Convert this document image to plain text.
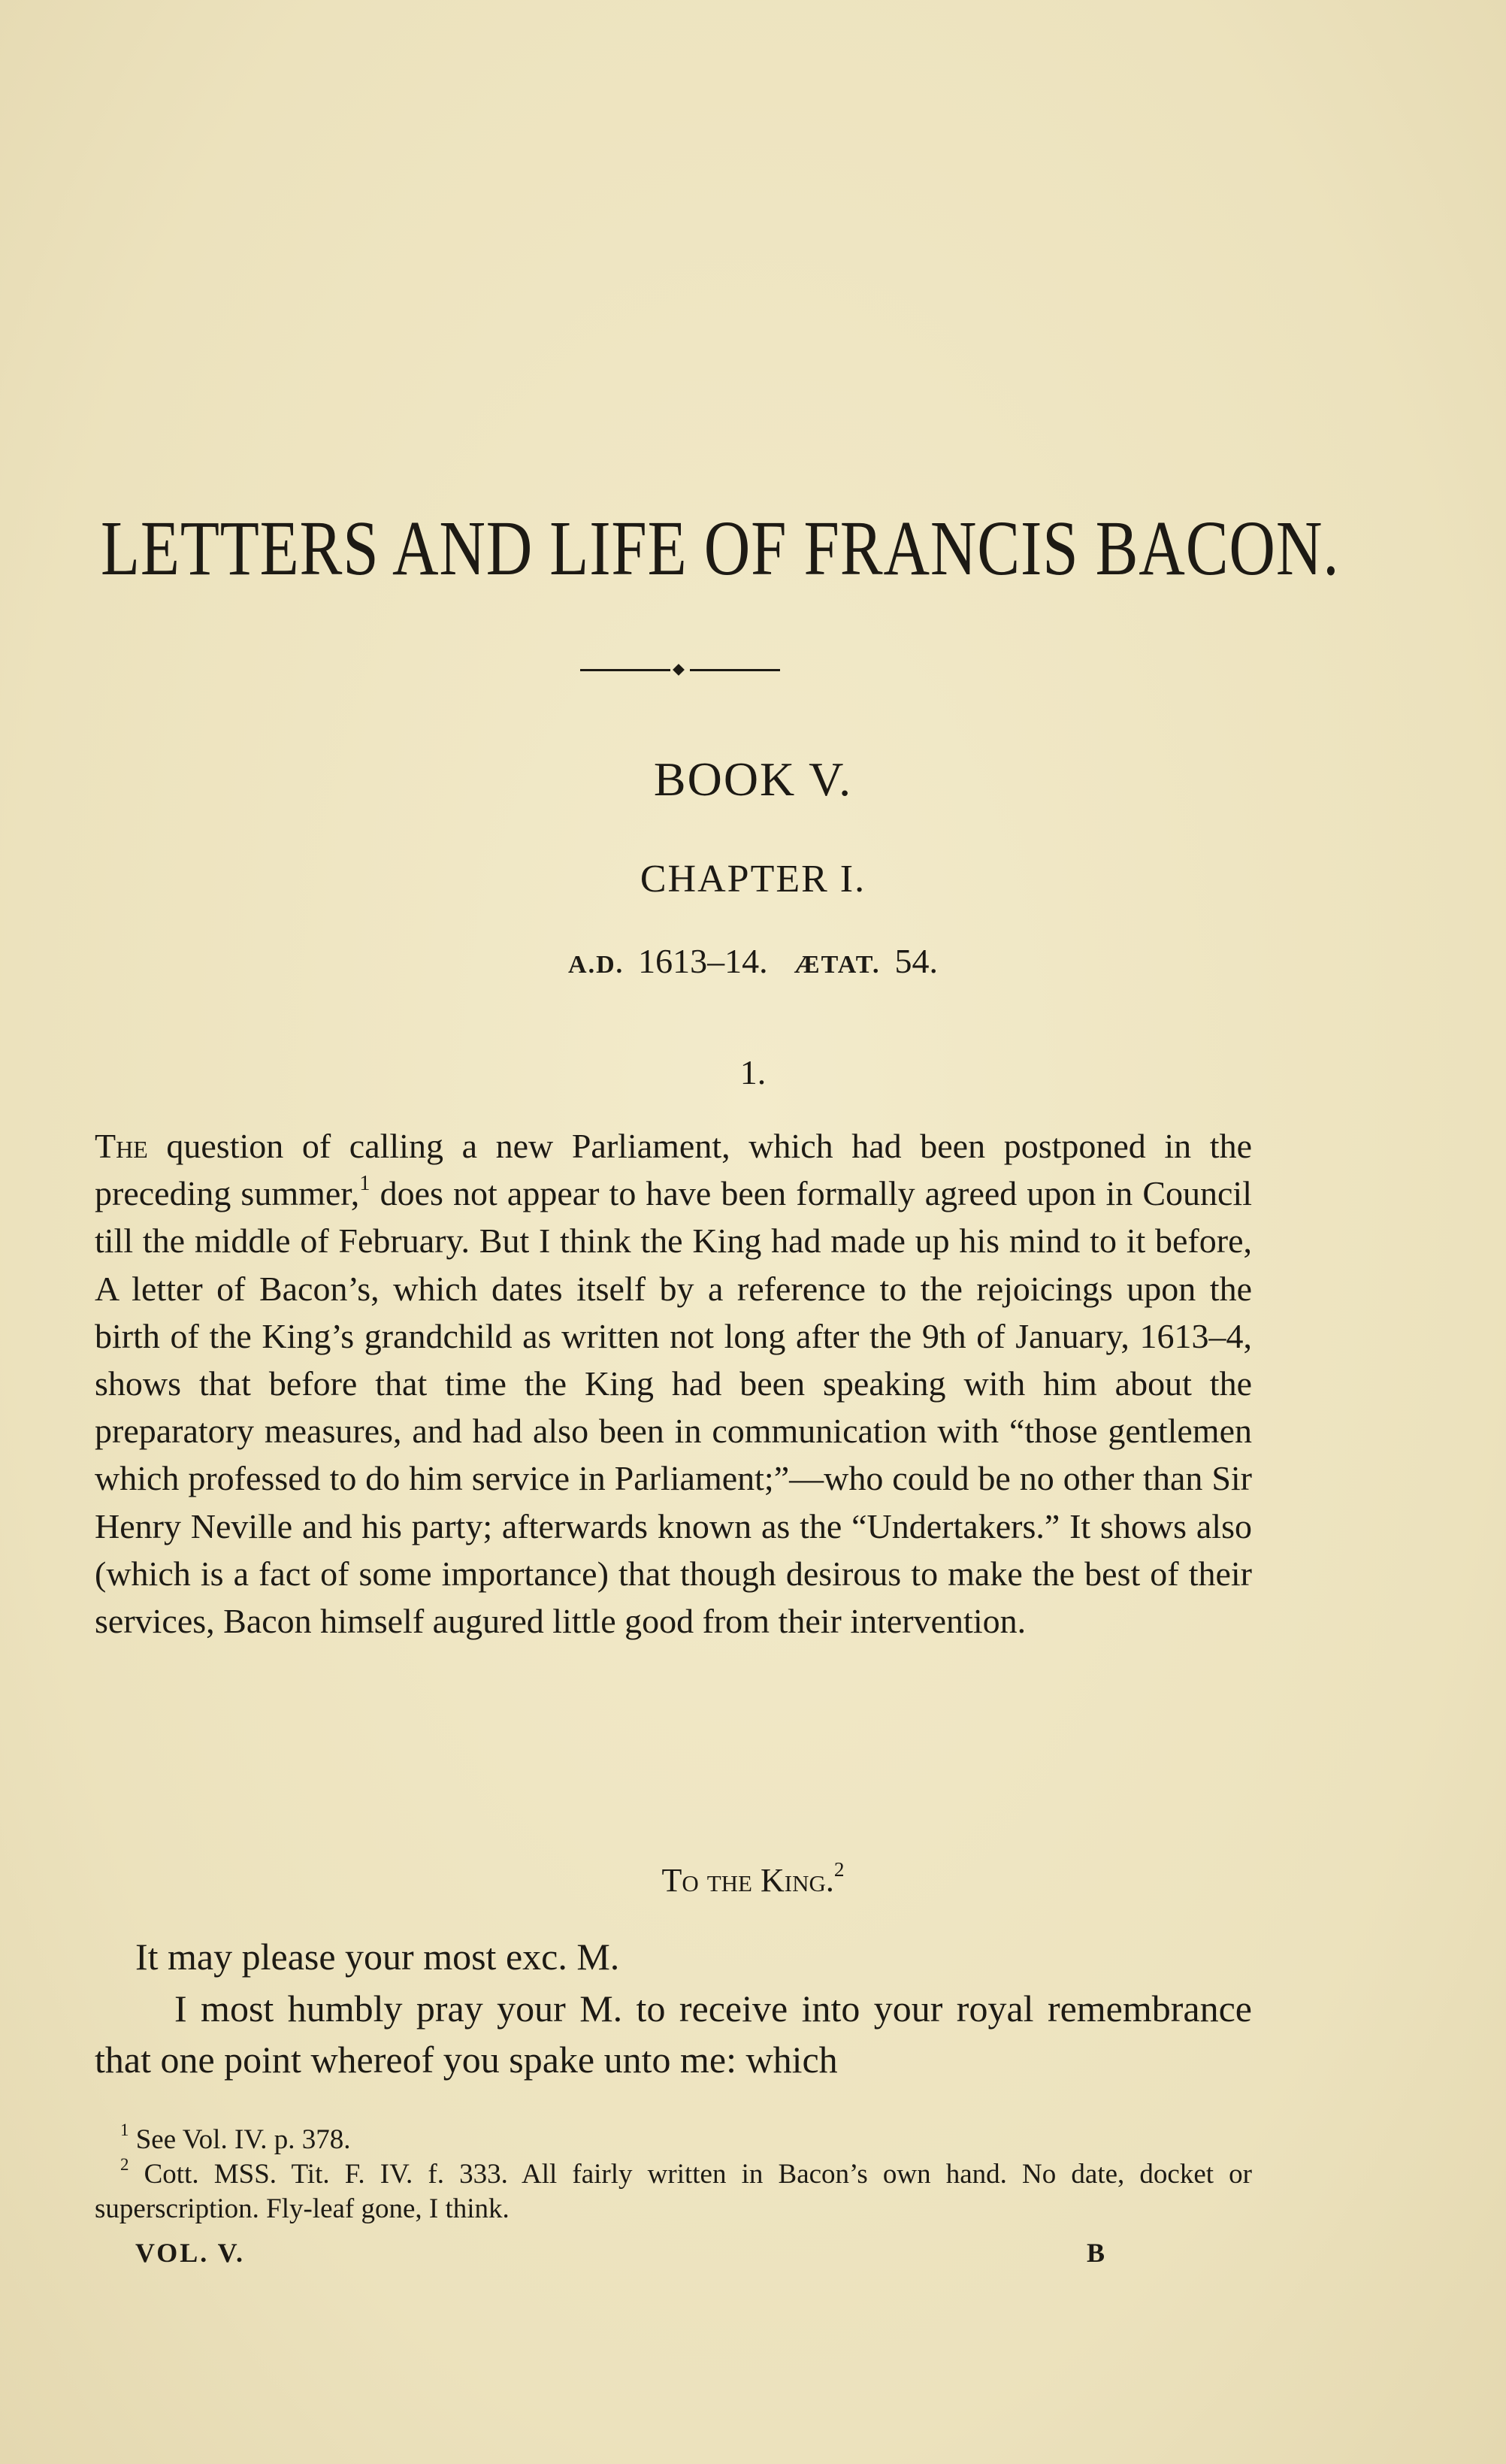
LETTERS AND LIFE OF FRANCIS BACON.
BOOK V.
CHAPTER I.
A.D. 1613–14. ÆTAT. 54.
1.
The question of calling a new Parliament, which had been postponed in the preceding summer,$^1$ does not appear to have been formally agreed upon in Council till the middle of February. But I think the King had made up his mind to it before, A letter of Bacon’s, which dates itself by a reference to the rejoicings upon the birth of the King’s grandchild as written not long after the 9th of January, 1613–4, shows that before that time the King had been speaking with him about the preparatory measures, and had also been in communication with “those gentlemen which professed to do him service in Parliament;”—who could be no other than Sir Henry Neville and his party; afterwards known as the “Undertakers.” It shows also (which is a fact of some importance) that though desirous to make the best of their services, Bacon himself augured little good from their intervention.
To the King.$^2$
It may please your most exc. M.
I most humbly pray your M. to receive into your royal remembrance that one point whereof you spake unto me: which
$^1$ See Vol. IV. p. 378.
$^2$ Cott. MSS. Tit. F. IV. f. 333. All fairly written in Bacon’s own hand. No date, docket or superscription. Fly-leaf gone, I think.
VOL. V.	B
